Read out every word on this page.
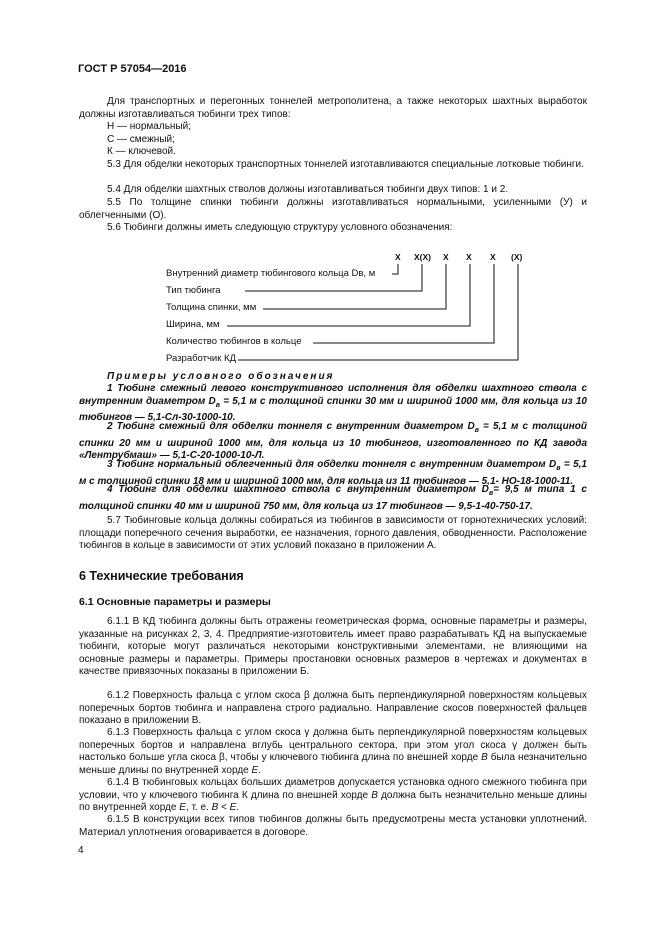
ГОСТ Р 57054—2016

Для транспортных и перегонных тоннелей метрополитена, а также некоторых шахтных выработок должны изготавливаться тюбинги трех типов:

Н — нормальный;

С — смежный;

К — ключевой.

5.3 Для обделки некоторых транспортных тоннелей изготавливаются специальные лотковые тюбинги.

5.4 Для обделки шахтных стволов должны изготавливаться тюбинги двух типов: 1 и 2.

5.5 По толщине спинки тюбинги должны изготавливаться нормальными, усиленными (У) и облегченными (О).

5.6 Тюбинги должны иметь следующую структуру условного обозначения:

X X(X) X X X (X)
Внутренний диаметр тюбингового кольца Dв, м
Тип тюбинга
Толщина спинки, мм
Ширина, мм
Количество тюбингов в кольце
Разработчик КД

Примеры условного обозначения

1 Тюбинг смежный левого конструктивного исполнения для обделки шахтного ствола с внутренним диаметром $D_в = 5,1$ м с толщиной спинки 30 мм и шириной 1000 мм, для кольца из 10 тюбингов — 5,1-Сл-30-1000-10.

2 Тюбинг смежный для обделки тоннеля с внутренним диаметром $D_в = 5,1$ м с толщиной спинки 20 мм и шириной 1000 мм, для кольца из 10 тюбингов, изготовленного по КД завода «Лентрубмаш» — 5,1-С-20-1000-10-Л.

3 Тюбинг нормальный облегченный для обделки тоннеля с внутренним диаметром $D_в = 5,1$ м с толщиной спинки 18 мм и шириной 1000 мм, для кольца из 11 тюбингов — 5,1- НО-18-1000-11.

4 Тюбинг для обделки шахтного ствола с внутренним диаметром $D_в= 9,5$ м типа 1 с толщиной спинки 40 мм и шириной 750 мм, для кольца из 17 тюбингов — 9,5-1-40-750-17.

5.7 Тюбинговые кольца должны собираться из тюбингов в зависимости от горнотехнических условий: площади поперечного сечения выработки, ее назначения, горного давления, обводненности. Расположение тюбингов в кольце в зависимости от этих условий показано в приложении А.

6 Технические требования
6.1 Основные параметры и размеры

6.1.1 В КД тюбинга должны быть отражены геометрическая форма, основные параметры и размеры, указанные на рисунках 2, 3, 4. Предприятие-изготовитель имеет право разрабатывать КД на выпускаемые тюбинги, которые могут различаться некоторыми конструктивными элементами, не влияющими на основные размеры и параметры. Примеры простановки основных размеров в чертежах и документах в качестве привязочных показаны в приложении Б.

6.1.2 Поверхность фальца с углом скоса β должна быть перпендикулярной поверхностям кольцевых поперечных бортов тюбинга и направлена строго радиально. Направление скосов поверхностей фальцев показано в приложении В.

6.1.3 Поверхность фальца с углом скоса γ должна быть перпендикулярной поверхностям кольцевых поперечных бортов и направлена вглубь центрального сектора, при этом угол скоса γ должен быть настолько больше угла скоса β, чтобы у ключевого тюбинга длина по внешней хорде В была незначительно меньше длины по внутренней хорде Е.

6.1.4 В тюбинговых кольцах больших диаметров допускается установка одного смежного тюбинга при условии, что у ключевого тюбинга К длина по внешней хорде В должна быть незначительно меньше длины по внутренней хорде Е, т. е. В < Е.

6.1.5 В конструкции всех типов тюбингов должны быть предусмотрены места установки уплотнений. Материал уплотнения оговаривается в договоре.

4
